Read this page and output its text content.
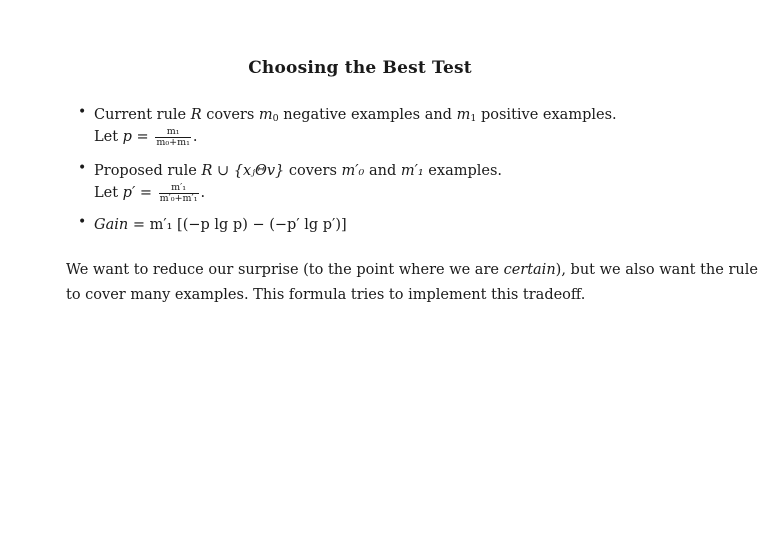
Choosing the Best Test
• Current rule R covers $m_0$ negative examples and $m_1$ positive examples.
Let $p = \frac{\text{m₁}}{\text{m₀+m₁}}$ .
• Proposed rule R ∪ {xⱼΘv} covers m′₀ and m′₁ examples.
Let $p' = \frac{\text{m′₁}}{\text{m′₀+m′₁}}$ .
• Gain = m′₁ [(−p lg p) − (−p′ lg p′)]

We want to reduce our surprise (to the point where we are certain), but we also want the rule

to cover many examples. This formula tries to implement this tradeoff.
